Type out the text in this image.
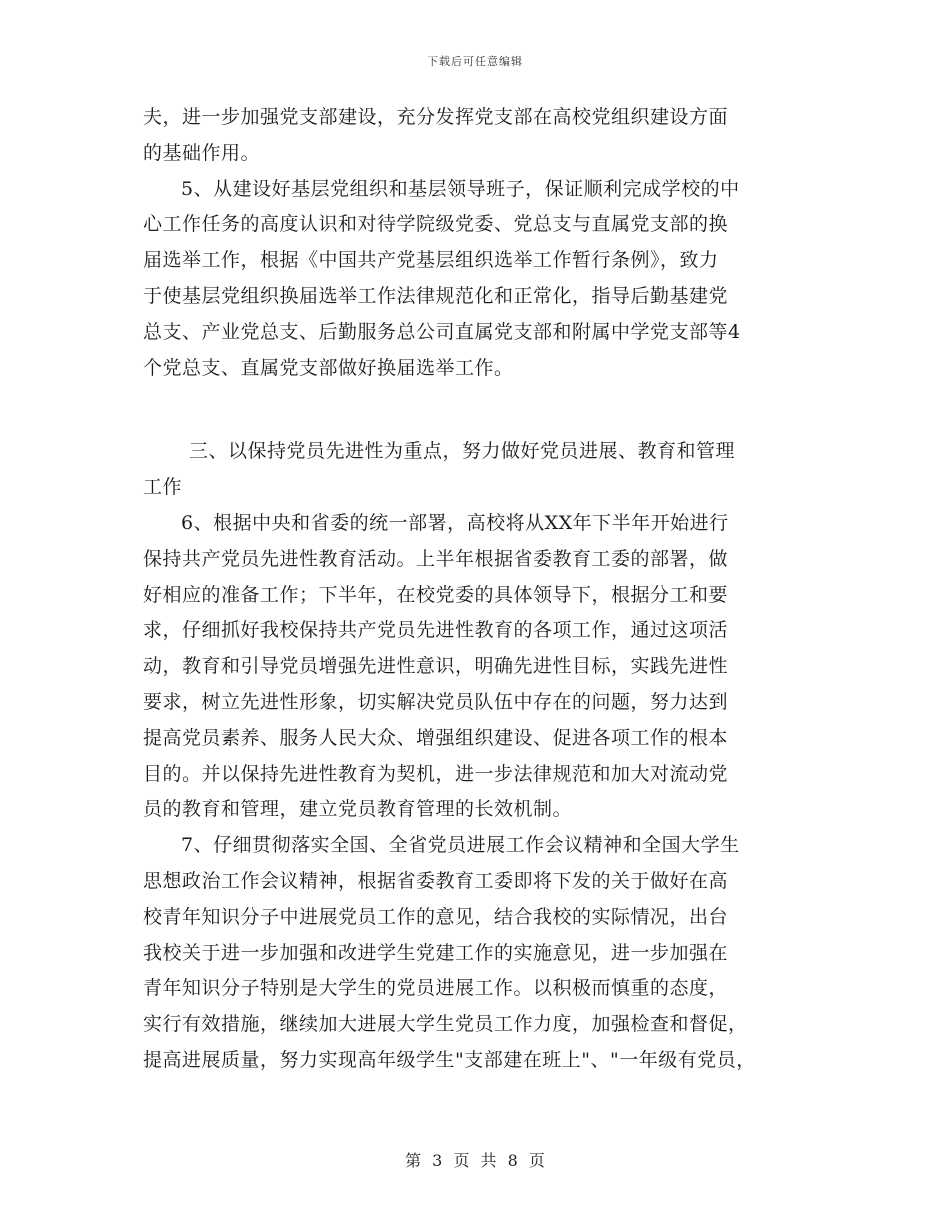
下载后可任意编辑
夫，进一步加强党支部建设，充分发挥党支部在高校党组织建设方面
的基础作用。
5、从建设好基层党组织和基层领导班子，保证顺利完成学校的中
心工作任务的高度认识和对待学院级党委、党总支与直属党支部的换
届选举工作，根据《中国共产党基层组织选举工作暂行条例》，致力
于使基层党组织换届选举工作法律规范化和正常化，指导后勤基建党
总支、产业党总支、后勤服务总公司直属党支部和附属中学党支部等4
个党总支、直属党支部做好换届选举工作。
三、以保持党员先进性为重点，努力做好党员进展、教育和管理
工作
6、根据中央和省委的统一部署，高校将从XX年下半年开始进行
保持共产党员先进性教育活动。上半年根据省委教育工委的部署，做
好相应的准备工作；下半年，在校党委的具体领导下，根据分工和要
求，仔细抓好我校保持共产党员先进性教育的各项工作，通过这项活
动，教育和引导党员增强先进性意识，明确先进性目标，实践先进性
要求，树立先进性形象，切实解决党员队伍中存在的问题，努力达到
提高党员素养、服务人民大众、增强组织建设、促进各项工作的根本
目的。并以保持先进性教育为契机，进一步法律规范和加大对流动党
员的教育和管理，建立党员教育管理的长效机制。
7、仔细贯彻落实全国、全省党员进展工作会议精神和全国大学生
思想政治工作会议精神，根据省委教育工委即将下发的关于做好在高
校青年知识分子中进展党员工作的意见，结合我校的实际情况，出台
我校关于进一步加强和改进学生党建工作的实施意见，进一步加强在
青年知识分子特别是大学生的党员进展工作。以积极而慎重的态度，
实行有效措施，继续加大进展大学生党员工作力度，加强检查和督促，
提高进展质量，努力实现高年级学生"支部建在班上"、"一年级有党员，
第 3 页 共 8 页
